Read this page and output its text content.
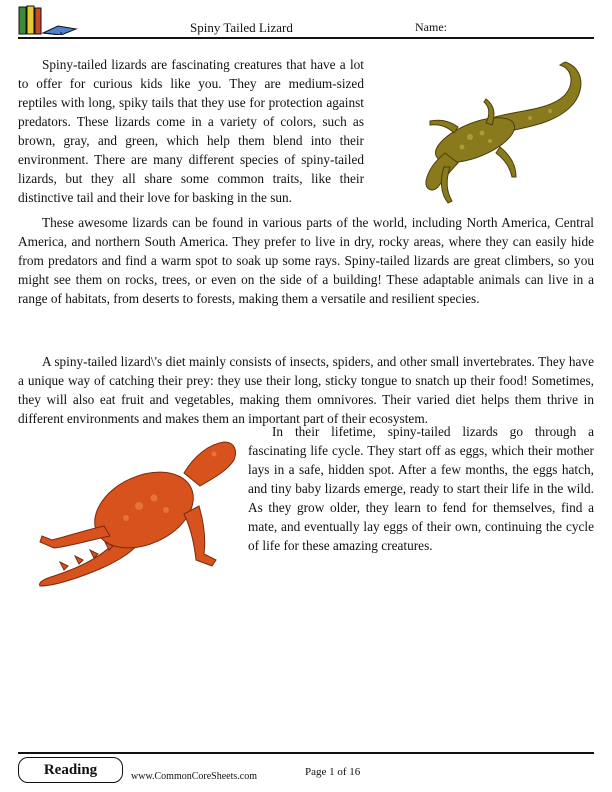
Spiny Tailed Lizard	Name:

Spiny-tailed lizards are fascinating creatures that have a lot to offer for curious kids like you. They are medium-sized reptiles with long, spiky tails that they use for protection against predators. These lizards come in a variety of colors, such as brown, gray, and green, which help them blend into their environment. There are many different species of spiny-tailed lizards, but they all share some common traits, like their distinctive tail and their love for basking in the sun.

These awesome lizards can be found in various parts of the world, including North America, Central America, and northern South America. They prefer to live in dry, rocky areas, where they can easily hide from predators and find a warm spot to soak up some rays. Spiny-tailed lizards are great climbers, so you might see them on rocks, trees, or even on the side of a building! These adaptable animals can live in a range of habitats, from deserts to forests, making them a versatile and resilient species.

A spiny-tailed lizard\'s diet mainly consists of insects, spiders, and other small invertebrates. They have a unique way of catching their prey: they use their long, sticky tongue to snatch up their food! Sometimes, they will also eat fruit and vegetables, making them omnivores. Their varied diet helps them thrive in different environments and makes them an important part of their ecosystem.

In their lifetime, spiny-tailed lizards go through a fascinating life cycle. They start off as eggs, which their mother lays in a safe, hidden spot. After a few months, the eggs hatch, and tiny baby lizards emerge, ready to start their life in the wild. As they grow older, they learn to fend for themselves, find a mate, and eventually lay eggs of their own, continuing the cycle of life for these amazing creatures.

Reading	www.CommonCoreSheets.com	Page 1 of 16
